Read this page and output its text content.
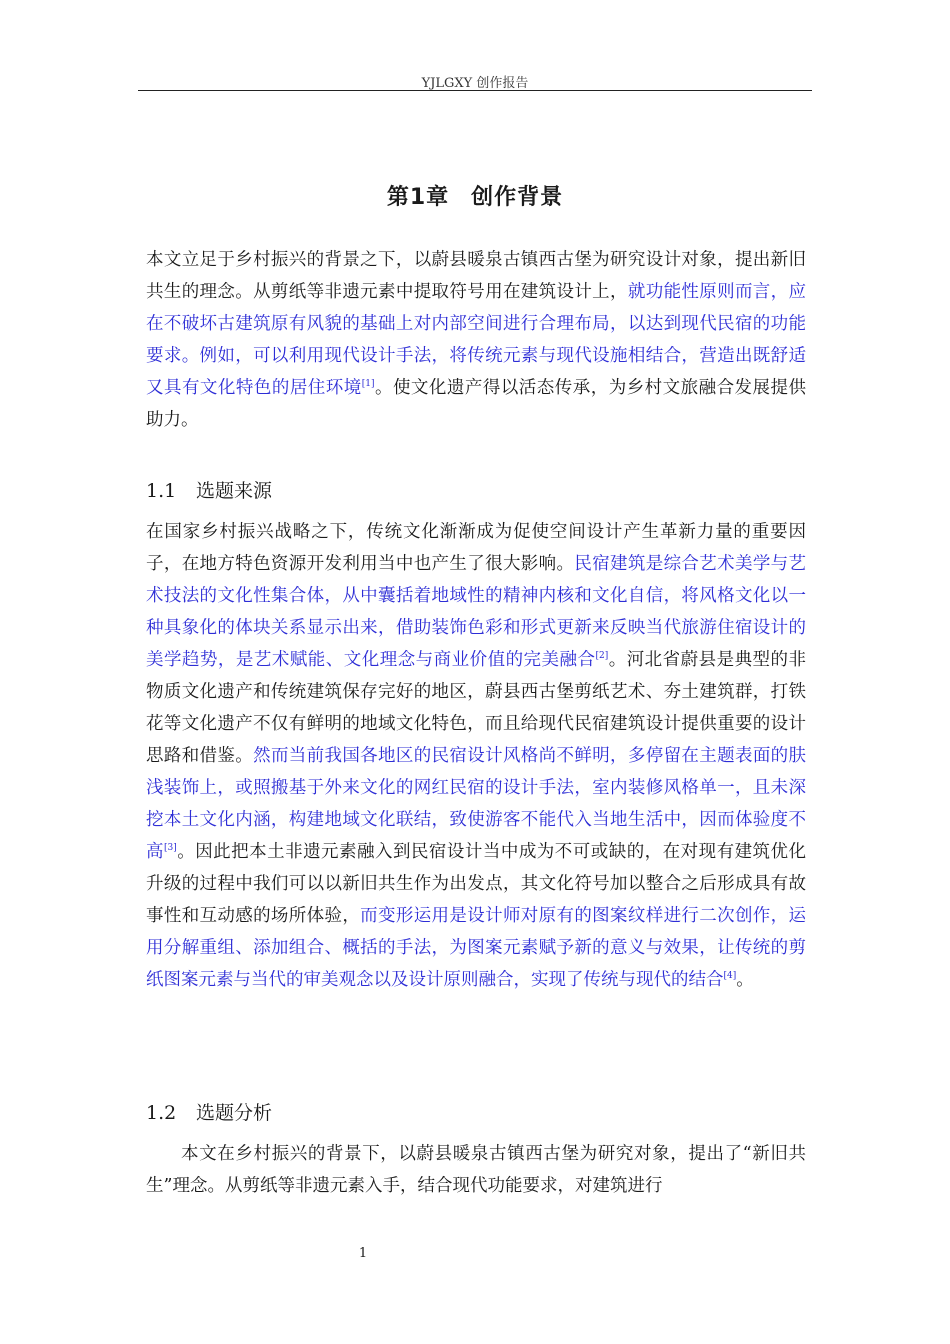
YJLGXY 创作报告
第1章 创作背景

本文立足于乡村振兴的背景之下，以蔚县暖泉古镇西古堡为研究设计对象，提出新旧共生的理念。从剪纸等非遗元素中提取符号用在建筑设计上，就功能性原则而言，应在不破坏古建筑原有风貌的基础上对内部空间进行合理布局，以达到现代民宿的功能要求。例如，可以利用现代设计手法，将传统元素与现代设施相结合，营造出既舒适又具有文化特色的居住环境[1]。使文化遗产得以活态传承，为乡村文旅融合发展提供助力。

1.1 选题来源

在国家乡村振兴战略之下，传统文化渐渐成为促使空间设计产生革新力量的重要因子，在地方特色资源开发利用当中也产生了很大影响。民宿建筑是综合艺术美学与艺术技法的文化性集合体，从中囊括着地域性的精神内核和文化自信，将风格文化以一种具象化的体块关系显示出来，借助装饰色彩和形式更新来反映当代旅游住宿设计的美学趋势，是艺术赋能、文化理念与商业价值的完美融合[2]。河北省蔚县是典型的非物质文化遗产和传统建筑保存完好的地区，蔚县西古堡剪纸艺术、夯土建筑群，打铁花等文化遗产不仅有鲜明的地域文化特色，而且给现代民宿建筑设计提供重要的设计思路和借鉴。然而当前我国各地区的民宿设计风格尚不鲜明，多停留在主题表面的肤浅装饰上，或照搬基于外来文化的网红民宿的设计手法，室内装修风格单一，且未深挖本土文化内涵，构建地域文化联结，致使游客不能代入当地生活中，因而体验度不高[3]。因此把本土非遗元素融入到民宿设计当中成为不可或缺的，在对现有建筑优化升级的过程中我们可以以新旧共生作为出发点，其文化符号加以整合之后形成具有故事性和互动感的场所体验，而变形运用是设计师对原有的图案纹样进行二次创作，运用分解重组、添加组合、概括的手法，为图案元素赋予新的意义与效果，让传统的剪纸图案元素与当代的审美观念以及设计原则融合，实现了传统与现代的结合[4]。

1.2 选题分析

本文在乡村振兴的背景下，以蔚县暖泉古镇西古堡为研究对象，提出了“新旧共生”理念。从剪纸等非遗元素入手，结合现代功能要求，对建筑进行

1
